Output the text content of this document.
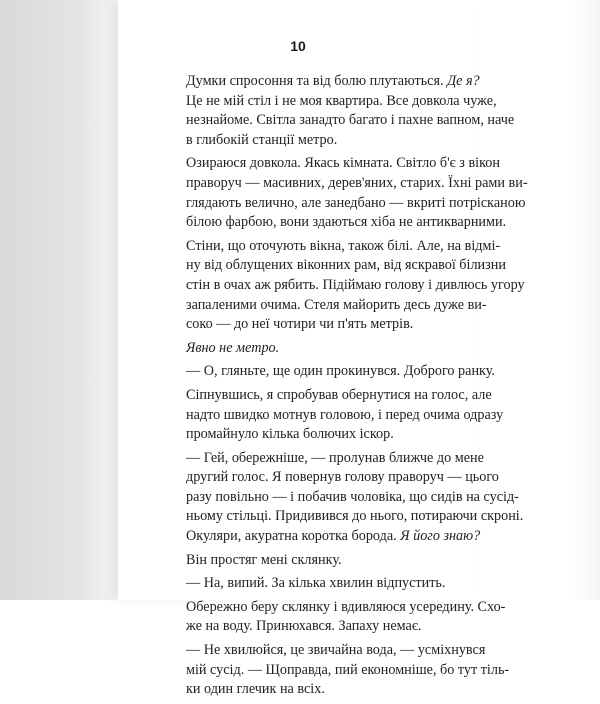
10
Думки спросоння та від болю плутаються. Де я?
Це не мій стіл і не моя квартира. Все довкола чуже,
незнайоме. Світла занадто багато і пахне вапном, наче
в глибокій станції метро.
Озираюся довкола. Якась кімната. Світло б'є з вікон
праворуч — масивних, дерев'яних, старих. Їхні рами ви-
глядають велично, але занедбано — вкриті потрісканою
білою фарбою, вони здаються хіба не антикварними.
Стіни, що оточують вікна, також білі. Але, на відмі-
ну від облущених віконних рам, від яскравої білизни
стін в очах аж рябить. Підіймаю голову і дивлюсь угору
запаленими очима. Стеля майорить десь дуже ви-
соко — до неї чотири чи п'ять метрів.
Явно не метро.
— О, гляньте, ще один прокинувся. Доброго ранку.
Сіпнувшись, я спробував обернутися на голос, але
надто швидко мотнув головою, і перед очима одразу
промайнуло кілька болючих іскор.
— Гей, обережніше, — пролунав ближче до мене
другий голос. Я повернув голову праворуч — цього
разу повільно — і побачив чоловіка, що сидів на сусід-
ньому стільці. Придивився до нього, потираючи скроні.
Окуляри, акуратна коротка борода. Я його знаю?
Він простяг мені склянку.
— На, випий. За кілька хвилин відпустить.
Обережно беру склянку і вдивляюся усередину. Схо-
же на воду. Принюхався. Запаху немає.
— Не хвилюйся, це звичайна вода, — усміхнувся
мій сусід. — Щоправда, пий економніше, бо тут тіль-
ки один глечик на всіх.
